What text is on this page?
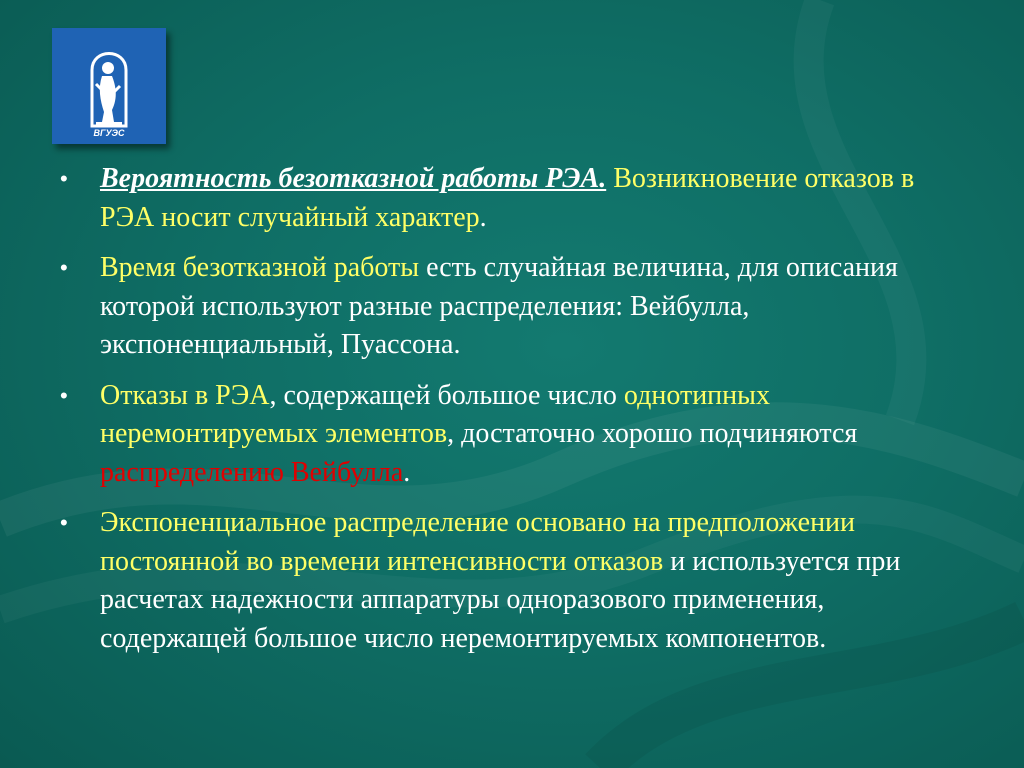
ВГУЭС
• Вероятность безотказной работы РЭА. Возникновение отказов в РЭА носит случайный характер.
• Время безотказной работы есть случайная величина, для описания которой используют разные распределения: Вейбулла, экспоненциальный, Пуассона.
• Отказы в РЭА, содержащей большое число однотипных неремонтируемых элементов, достаточно хорошо подчиняются распределению Вейбулла.
• Экспоненциальное распределение основано на предположении постоянной во времени интенсивности отказов и используется при расчетах надежности аппаратуры одноразового применения, содержащей большое число неремонтируемых компонентов.
